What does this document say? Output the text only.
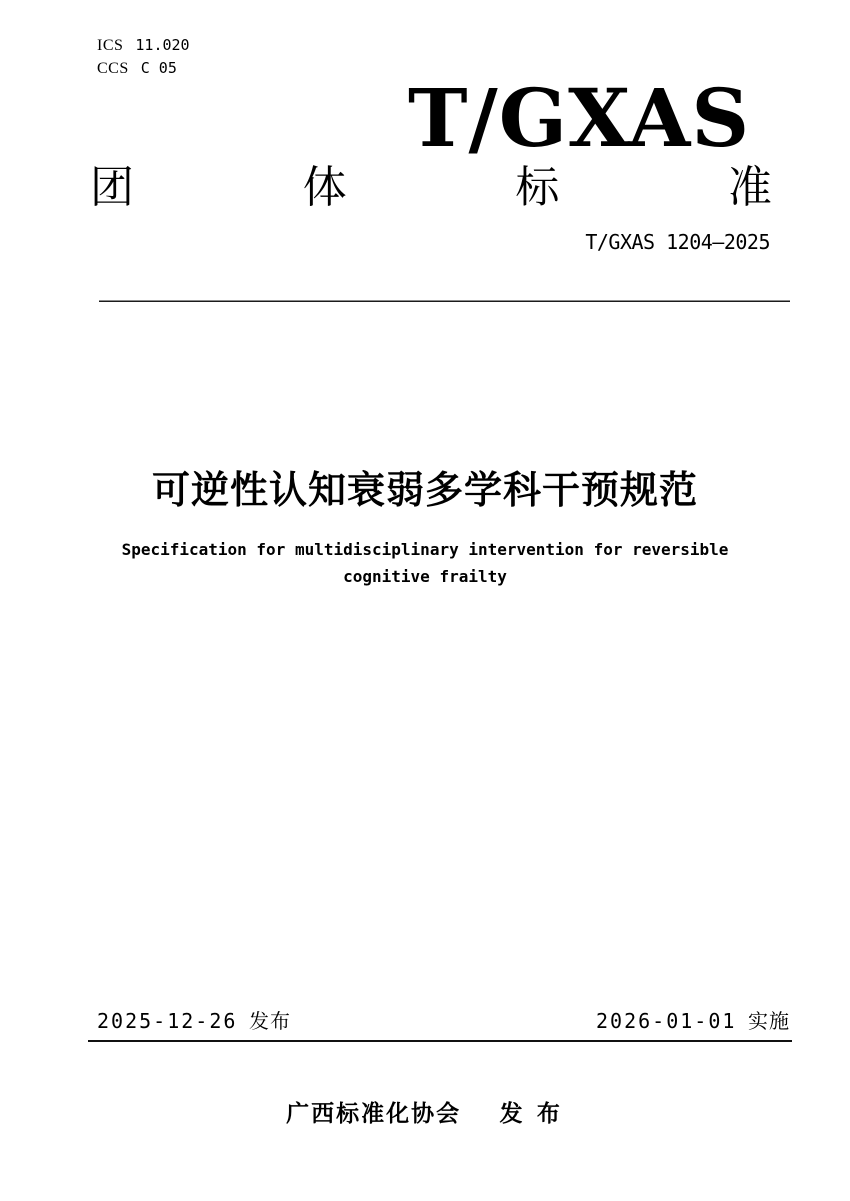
ICS 11.020
CCS C 05
T/GXAS
团	体	标	准
T/GXAS 1204—2025
可逆性认知衰弱多学科干预规范
Specification for multidisciplinary intervention for reversible
cognitive frailty
2025-12-26 发布	2026-01-01 实施
广西标准化协会 发 布
